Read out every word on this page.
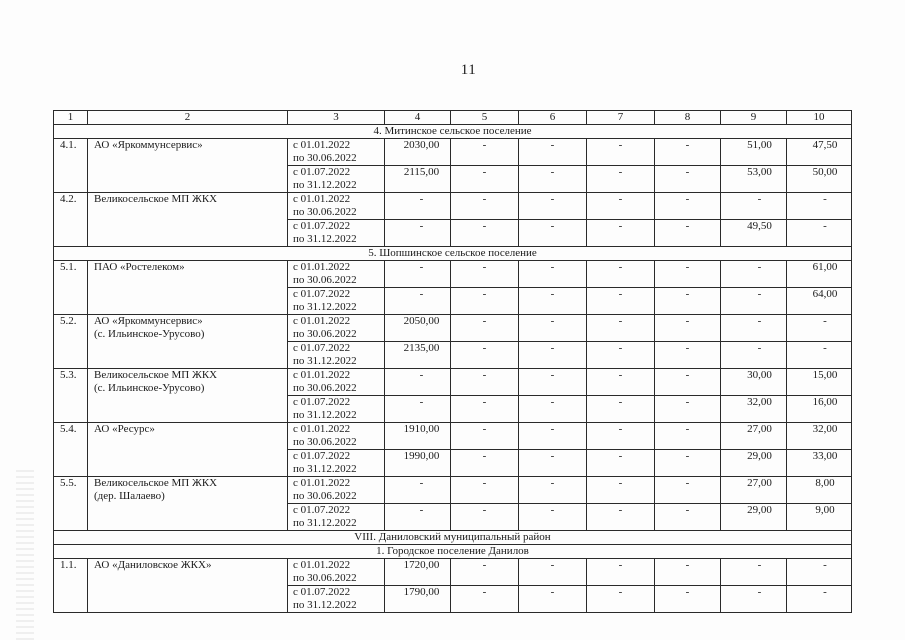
11
1	2	3	4	5	6	7	8	9	10
4. Митинское сельское поселение									
4.1.	АО «Яркоммунсервис»	с 01.01.2022
по 30.06.2022	2030,00	-	-	-	-	51,00	47,50
		с 01.07.2022
по 31.12.2022	2115,00	-	-	-	-	53,00	50,00
4.2.	Великосельское МП ЖКХ	с 01.01.2022
по 30.06.2022	-	-	-	-	-	-	-
		с 01.07.2022
по 31.12.2022	-	-	-	-	-	49,50	-
5. Шопшинское сельское поселение									
5.1.	ПАО «Ростелеком»	с 01.01.2022
по 30.06.2022	-	-	-	-	-	-	61,00
		с 01.07.2022
по 31.12.2022	-	-	-	-	-	-	64,00
5.2.	АО «Яркоммунсервис»
(с. Ильинское-Урусово)	с 01.01.2022
по 30.06.2022	2050,00	-	-	-	-	-	-
		с 01.07.2022
по 31.12.2022	2135,00	-	-	-	-	-	-
5.3.	Великосельское МП ЖКХ
(с. Ильинское-Урусово)	с 01.01.2022
по 30.06.2022	-	-	-	-	-	30,00	15,00
		с 01.07.2022
по 31.12.2022	-	-	-	-	-	32,00	16,00
5.4.	АО «Ресурс»	с 01.01.2022
по 30.06.2022	1910,00	-	-	-	-	27,00	32,00
		с 01.07.2022
по 31.12.2022	1990,00	-	-	-	-	29,00	33,00
5.5.	Великосельское МП ЖКХ
(дер. Шалаево)	с 01.01.2022
по 30.06.2022	-	-	-	-	-	27,00	8,00
		с 01.07.2022
по 31.12.2022	-	-	-	-	-	29,00	9,00
VIII. Даниловский муниципальный район									
1. Городское поселение Данилов									
1.1.	АО «Даниловское ЖКХ»	с 01.01.2022
по 30.06.2022	1720,00	-	-	-	-	-	-
		с 01.07.2022
по 31.12.2022	1790,00	-	-	-	-	-	-
